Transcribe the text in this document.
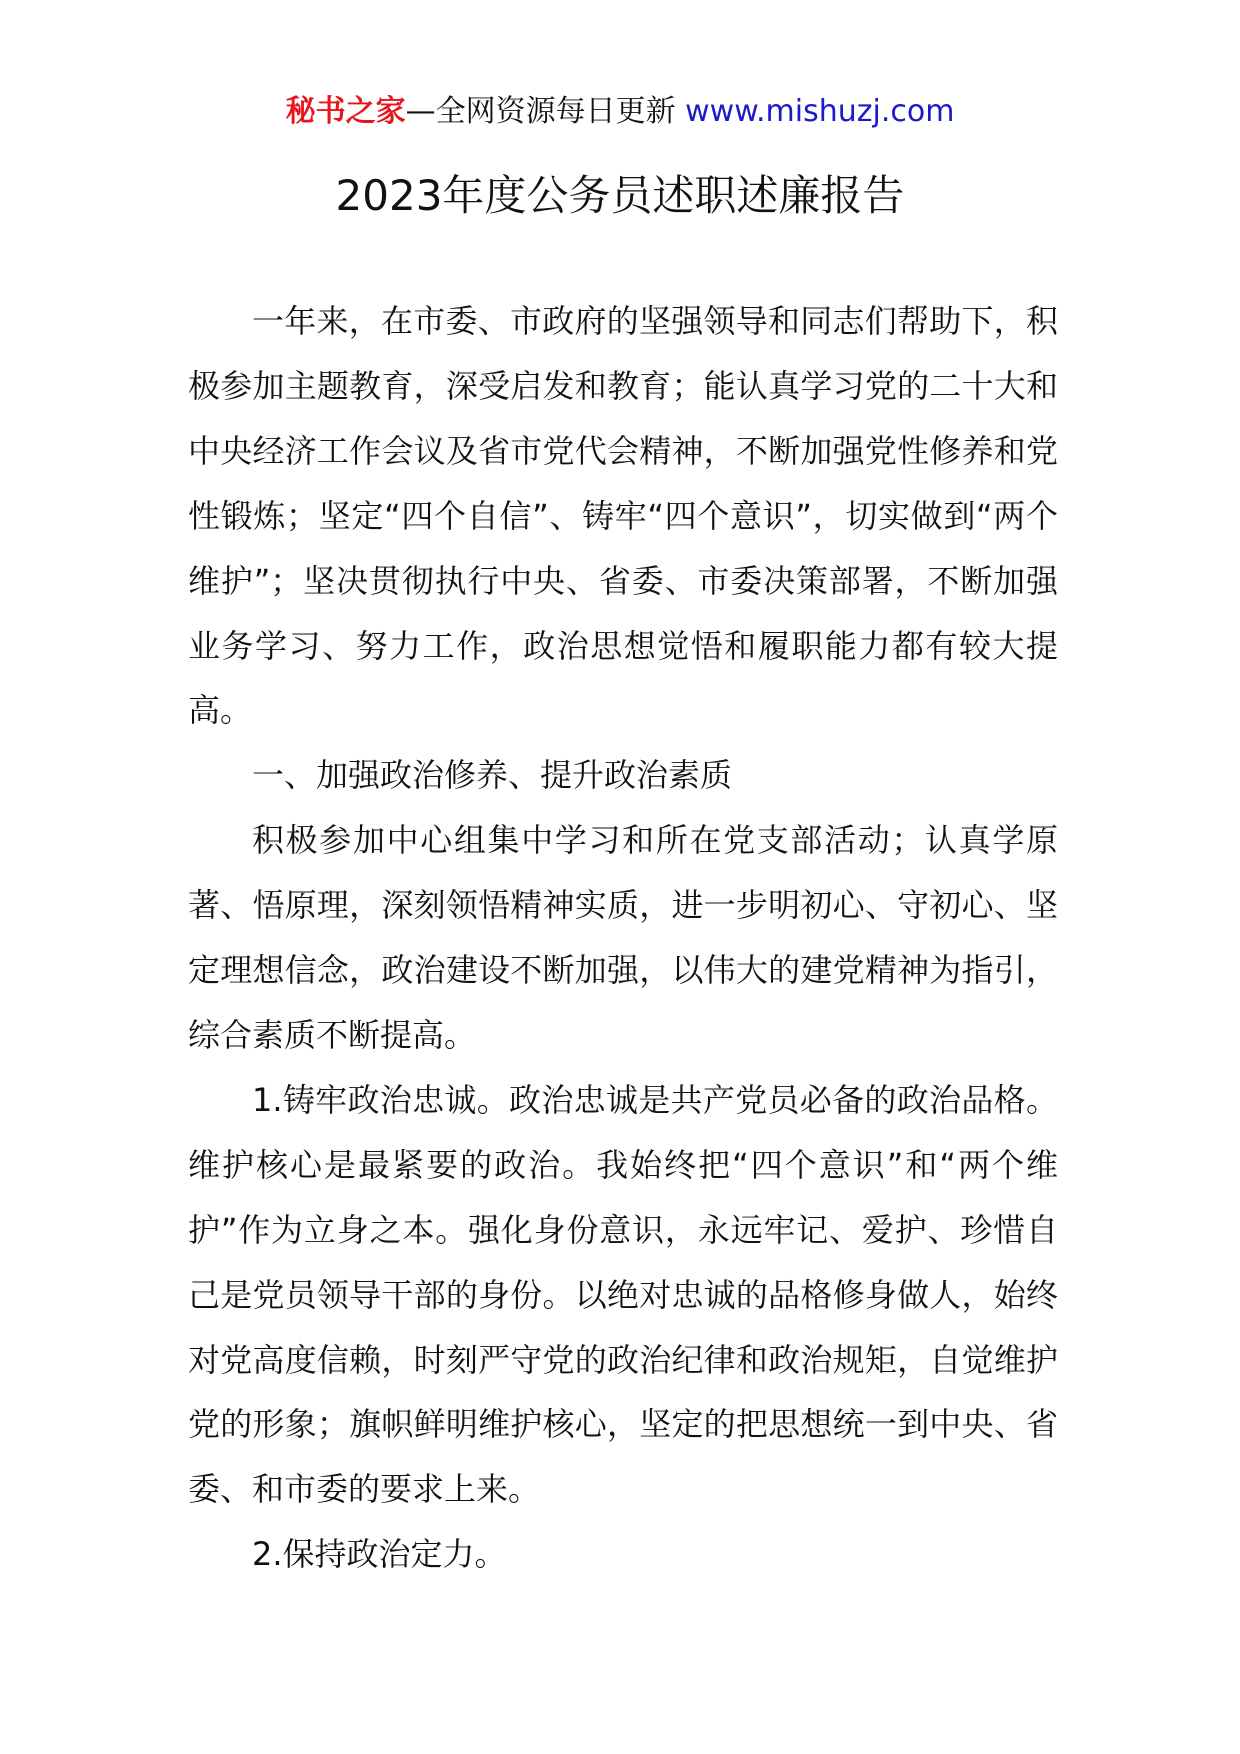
秘书之家—全网资源每日更新 www.mishuzj.com
2023年度公务员述职述廉报告

一年来，在市委、市政府的坚强领导和同志们帮助下，积极参加主题教育，深受启发和教育；能认真学习党的二十大和中央经济工作会议及省市党代会精神，不断加强党性修养和党性锻炼；坚定“四个自信”、铸牢“四个意识”，切实做到“两个维护”；坚决贯彻执行中央、省委、市委决策部署，不断加强业务学习、努力工作，政治思想觉悟和履职能力都有较大提高。

一、加强政治修养、提升政治素质

积极参加中心组集中学习和所在党支部活动；认真学原著、悟原理，深刻领悟精神实质，进一步明初心、守初心、坚定理想信念，政治建设不断加强，以伟大的建党精神为指引，综合素质不断提高。

1.铸牢政治忠诚。政治忠诚是共产党员必备的政治品格。维护核心是最紧要的政治。我始终把“四个意识”和“两个维护”作为立身之本。强化身份意识，永远牢记、爱护、珍惜自己是党员领导干部的身份。以绝对忠诚的品格修身做人，始终对党高度信赖，时刻严守党的政治纪律和政治规矩，自觉维护党的形象；旗帜鲜明维护核心，坚定的把思想统一到中央、省委、和市委的要求上来。

2.保持政治定力。
